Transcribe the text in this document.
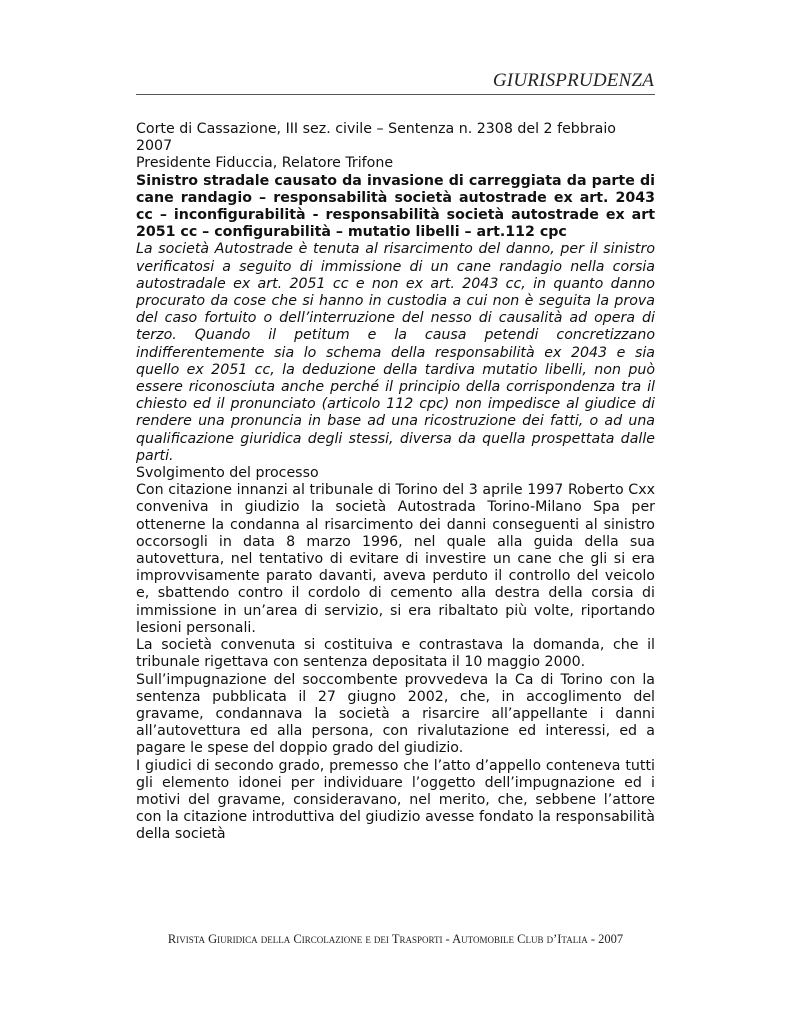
GIURISPRUDENZA

Corte di Cassazione, III sez. civile – Sentenza n. 2308 del 2 febbraio 2007

Presidente Fiduccia, Relatore Trifone

Sinistro stradale causato da invasione di carreggiata da parte di cane randagio – responsabilità società autostrade ex art. 2043 cc – inconfigurabilità - responsabilità società autostrade ex art 2051 cc – configurabilità – mutatio libelli – art.112 cpc

La società Autostrade è tenuta al risarcimento del danno, per il sinistro verificatosi a seguito di immissione di un cane randagio nella corsia autostradale ex art. 2051 cc e non ex art. 2043 cc, in quanto danno procurato da cose che si hanno in custodia a cui non è seguita la prova del caso fortuito o dell’interruzione del nesso di causalità ad opera di terzo. Quando il petitum e la causa petendi concretizzano indifferentemente sia lo schema della responsabilità ex 2043 e sia quello ex 2051 cc, la deduzione della tardiva mutatio libelli, non può essere riconosciuta anche perché il principio della corrispondenza tra il chiesto ed il pronunciato (articolo 112 cpc) non impedisce al giudice di rendere una pronuncia in base ad una ricostruzione dei fatti, o ad una qualificazione giuridica degli stessi, diversa da quella prospettata dalle parti.

Svolgimento del processo

Con citazione innanzi al tribunale di Torino del 3 aprile 1997 Roberto Cxx conveniva in giudizio la società Autostrada Torino-Milano Spa per ottenerne la condanna al risarcimento dei danni conseguenti al sinistro occorsogli in data 8 marzo 1996, nel quale alla guida della sua autovettura, nel tentativo di evitare di investire un cane che gli si era improvvisamente parato davanti, aveva perduto il controllo del veicolo e, sbattendo contro il cordolo di cemento alla destra della corsia di immissione in un’area di servizio, si era ribaltato più volte, riportando lesioni personali.

La società convenuta si costituiva e contrastava la domanda, che il tribunale rigettava con sentenza depositata il 10 maggio 2000.

Sull’impugnazione del soccombente provvedeva la Ca di Torino con la sentenza pubblicata il 27 giugno 2002, che, in accoglimento del gravame, condannava la società a risarcire all’appellante i danni all’autovettura ed alla persona, con rivalutazione ed interessi, ed a pagare le spese del doppio grado del giudizio.

I giudici di secondo grado, premesso che l’atto d’appello conteneva tutti gli elemento idonei per individuare l’oggetto dell’impugnazione ed i motivi del gravame, consideravano, nel merito, che, sebbene l’attore con la citazione introduttiva del giudizio avesse fondato la responsabilità della società

Rivista Giuridica della Circolazione e dei Trasporti - Automobile Club d’Italia - 2007
